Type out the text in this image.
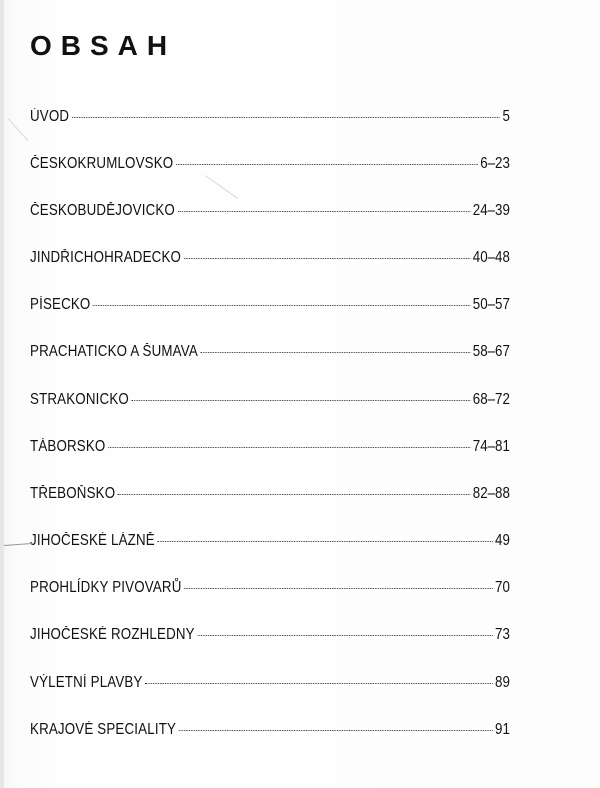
OBSAH
ÚVOD	5
ČESKOKRUMLOVSKO	6–23
ČESKOBUDĚJOVICKO	24–39
JINDŘICHOHRADECKO	40–48
PÍSECKO	50–57
PRACHATICKO A ŠUMAVA	58–67
STRAKONICKO	68–72
TÁBORSKO	74–81
TŘEBOŇSKO	82–88
JIHOČESKÉ LÁZNĚ	49
PROHLÍDKY PIVOVARŮ	70
JIHOČESKÉ ROZHLEDNY	73
VÝLETNÍ PLAVBY	89
KRAJOVÉ SPECIALITY	91
